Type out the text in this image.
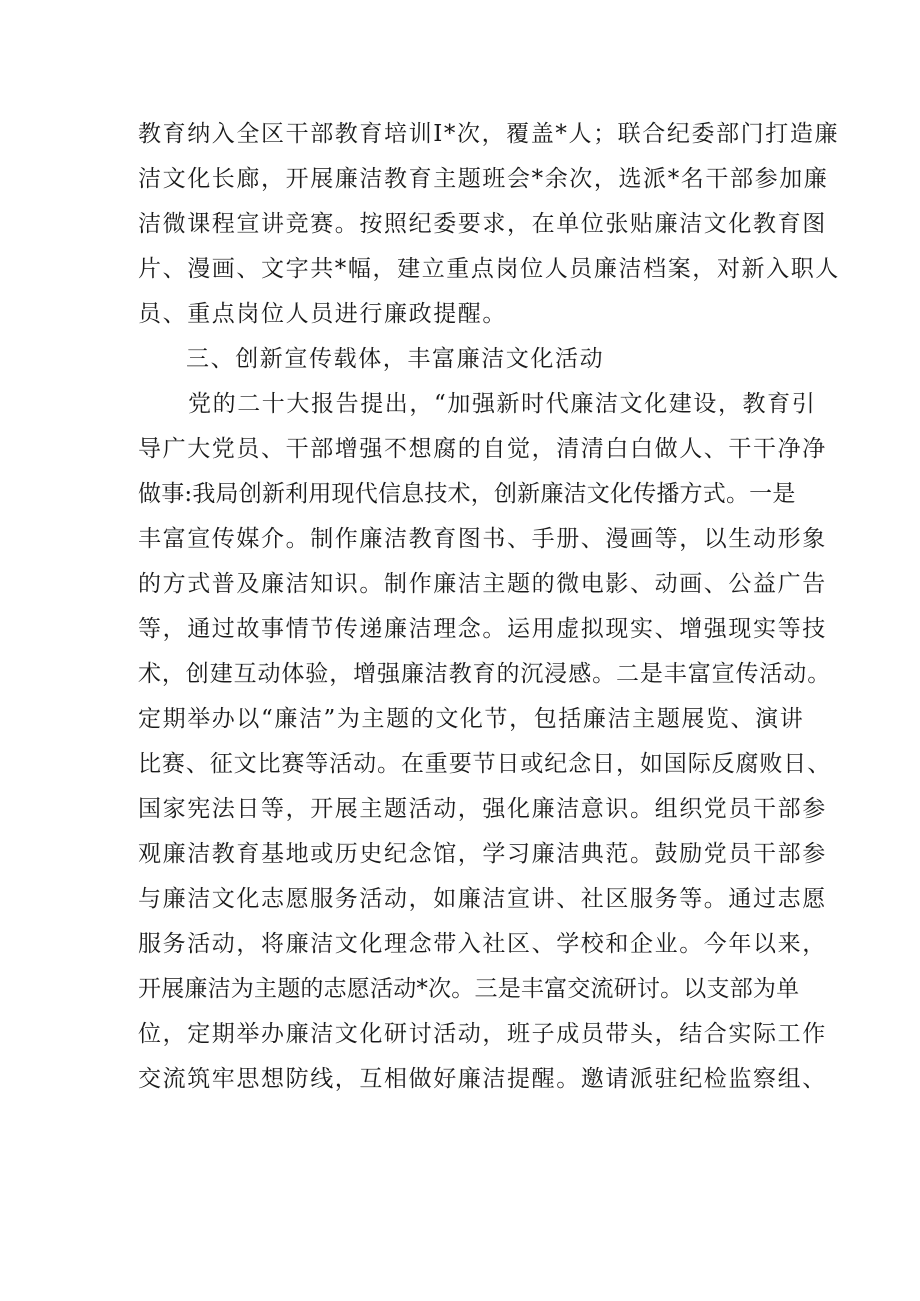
教育纳入全区干部教育培训Ⅰ*次，覆盖*人；联合纪委部门打造廉
洁文化长廊，开展廉洁教育主题班会*余次，选派*名干部参加廉
洁微课程宣讲竞赛。按照纪委要求，在单位张贴廉洁文化教育图
片、漫画、文字共*幅，建立重点岗位人员廉洁档案，对新入职人
员、重点岗位人员进行廉政提醒。
三、创新宣传载体，丰富廉洁文化活动
党的二十大报告提出，“加强新时代廉洁文化建设，教育引
导广大党员、干部增强不想腐的自觉，清清白白做人、干干净净
做事:我局创新利用现代信息技术，创新廉洁文化传播方式。一是
丰富宣传媒介。制作廉洁教育图书、手册、漫画等，以生动形象
的方式普及廉洁知识。制作廉洁主题的微电影、动画、公益广告
等，通过故事情节传递廉洁理念。运用虚拟现实、增强现实等技
术，创建互动体验，增强廉洁教育的沉浸感。二是丰富宣传活动。
定期举办以“廉洁”为主题的文化节，包括廉洁主题展览、演讲
比赛、征文比赛等活动。在重要节日或纪念日，如国际反腐败日、
国家宪法日等，开展主题活动，强化廉洁意识。组织党员干部参
观廉洁教育基地或历史纪念馆，学习廉洁典范。鼓励党员干部参
与廉洁文化志愿服务活动，如廉洁宣讲、社区服务等。通过志愿
服务活动，将廉洁文化理念带入社区、学校和企业。今年以来，
开展廉洁为主题的志愿活动*次。三是丰富交流研讨。以支部为单
位，定期举办廉洁文化研讨活动，班子成员带头，结合实际工作
交流筑牢思想防线，互相做好廉洁提醒。邀请派驻纪检监察组、
